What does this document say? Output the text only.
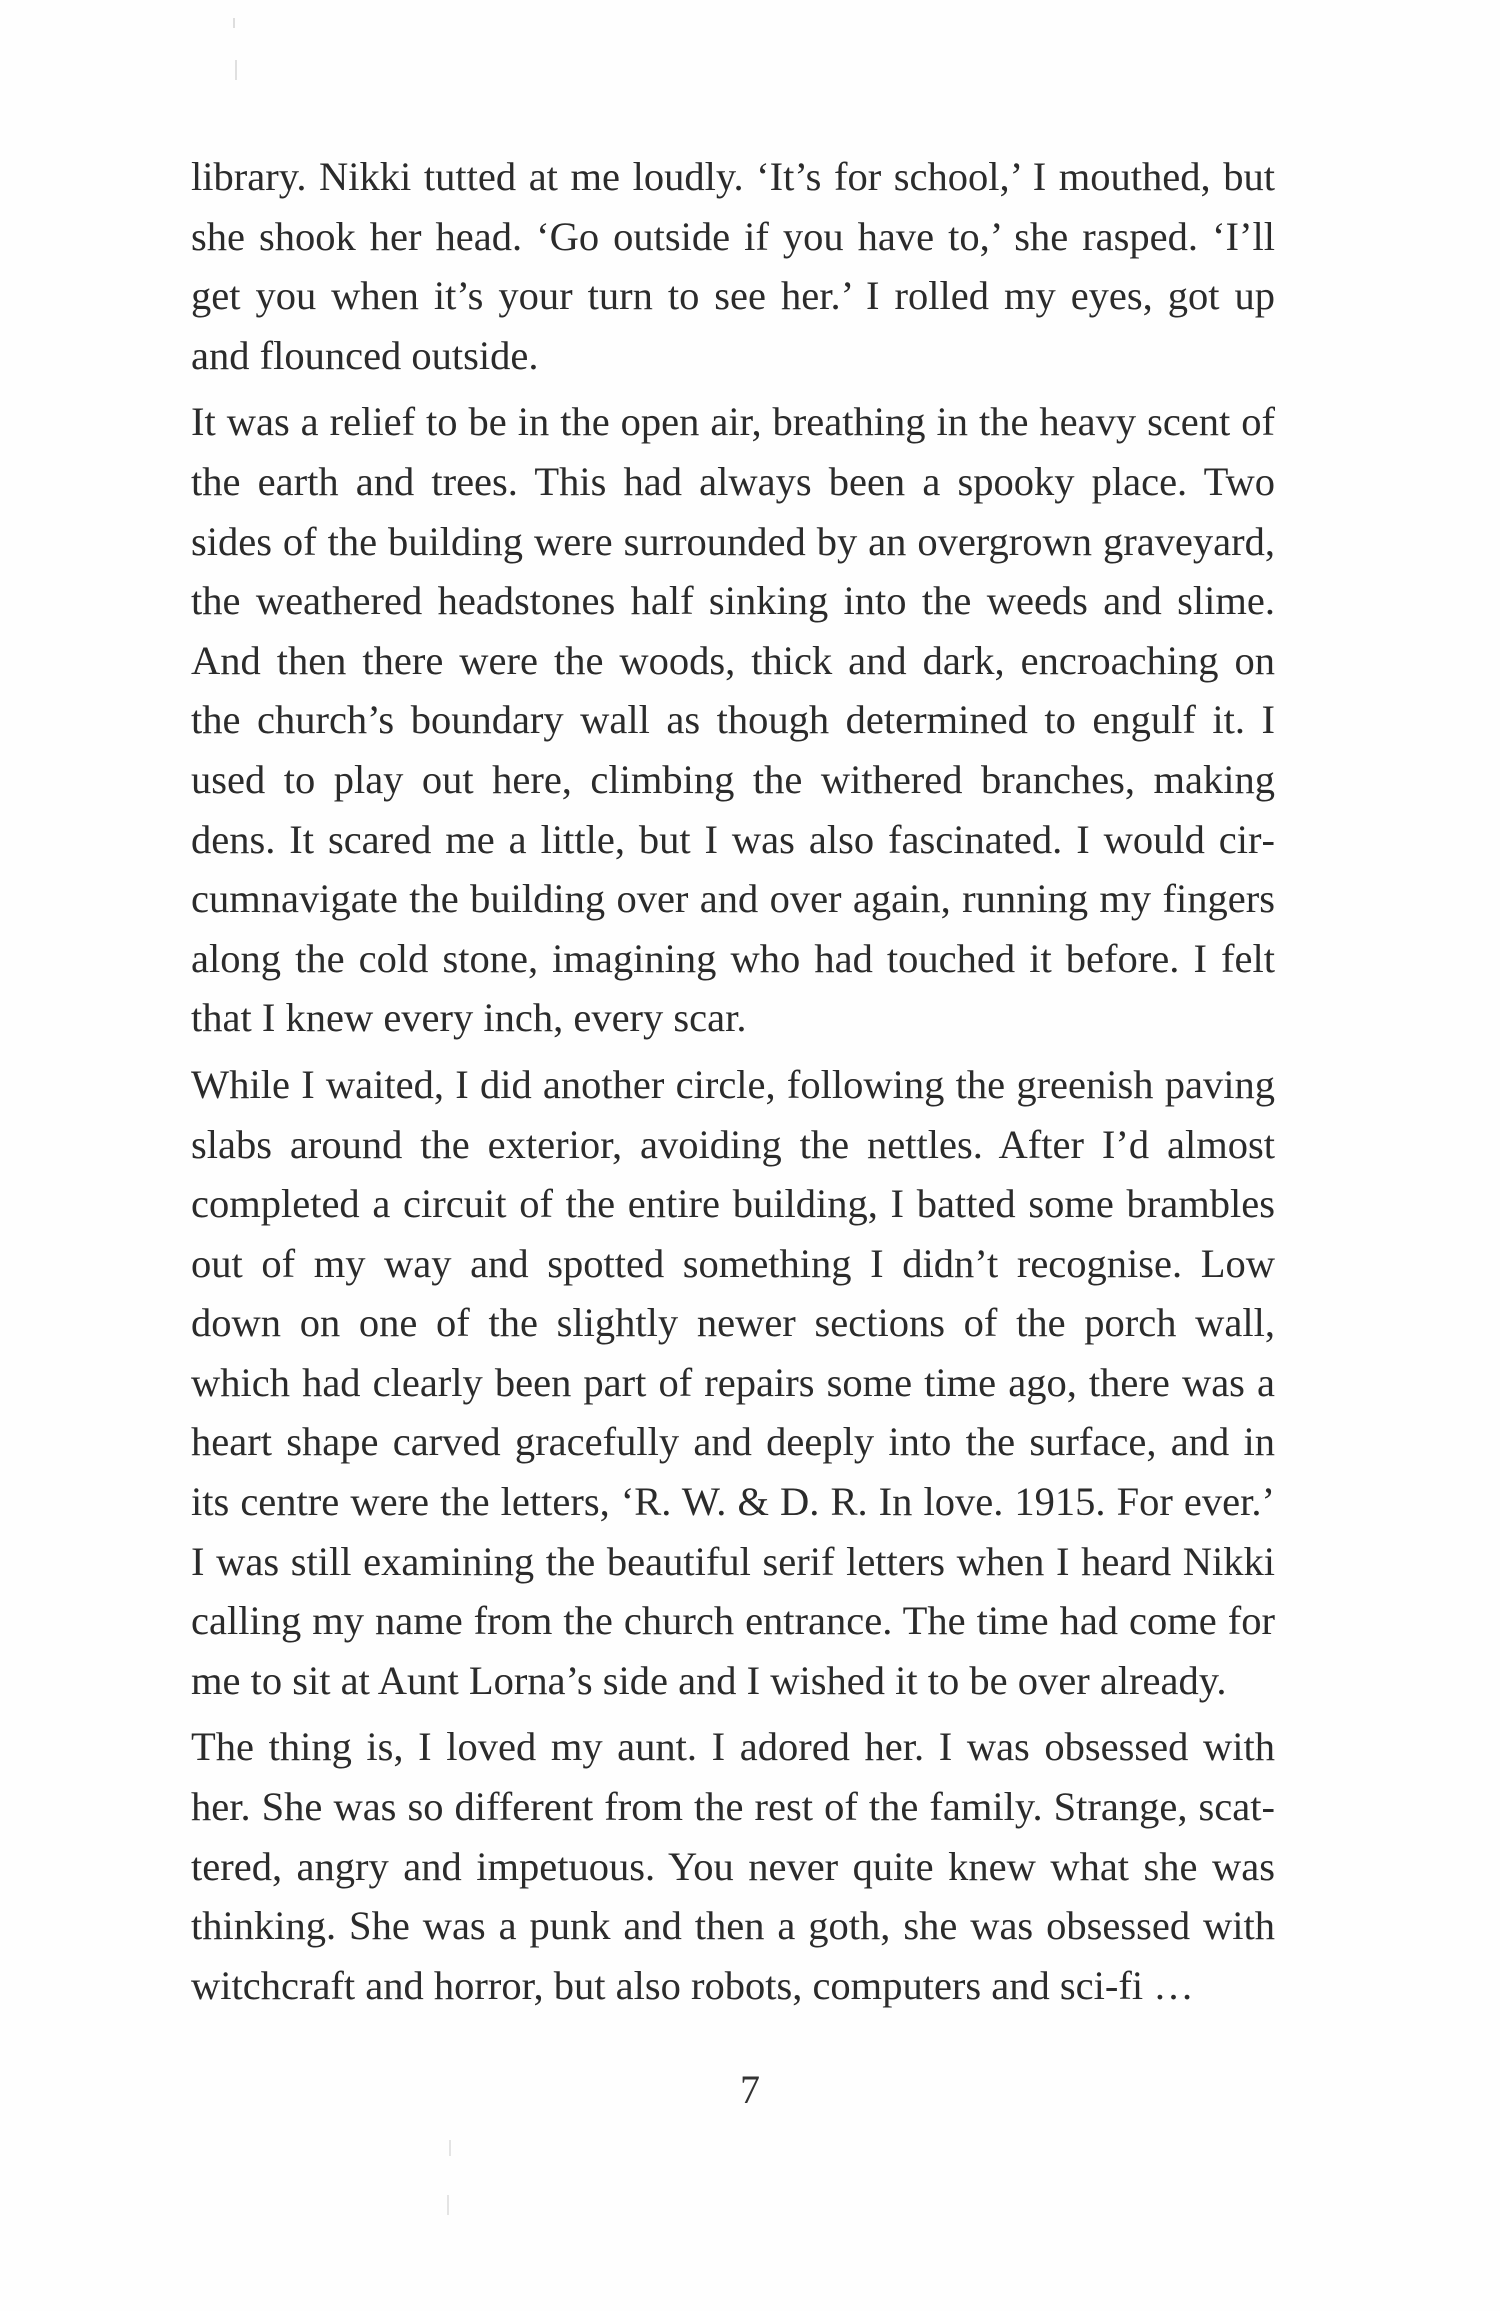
library. Nikki tutted at me loudly. ‘It’s for school,’ I mouthed, but she shook her head. ‘Go outside if you have to,’ she rasped. ‘I’ll get you when it’s your turn to see her.’ I rolled my eyes, got up and flounced outside.

It was a relief to be in the open air, breathing in the heavy scent of the earth and trees. This had always been a spooky place. Two sides of the building were surrounded by an overgrown graveyard, the weathered headstones half sinking into the weeds and slime. And then there were the woods, thick and dark, encroaching on the church’s boundary wall as though determined to engulf it. I used to play out here, climbing the withered branches, making dens. It scared me a little, but I was also fascinated. I would circumnavigate the building over and over again, running my fingers along the cold stone, imagining who had touched it before. I felt that I knew every inch, every scar.

While I waited, I did another circle, following the greenish paving slabs around the exterior, avoiding the nettles. After I’d almost completed a circuit of the entire building, I batted some brambles out of my way and spotted something I didn’t recognise. Low down on one of the slightly newer sections of the porch wall, which had clearly been part of repairs some time ago, there was a heart shape carved gracefully and deeply into the surface, and in its centre were the letters, ‘R. W. & D. R. In love. 1915. For ever.’ I was still examining the beautiful serif letters when I heard Nikki calling my name from the church entrance. The time had come for me to sit at Aunt Lorna’s side and I wished it to be over already.

The thing is, I loved my aunt. I adored her. I was obsessed with her. She was so different from the rest of the family. Strange, scattered, angry and impetuous. You never quite knew what she was thinking. She was a punk and then a goth, she was obsessed with witchcraft and horror, but also robots, computers and sci-fi …

7
